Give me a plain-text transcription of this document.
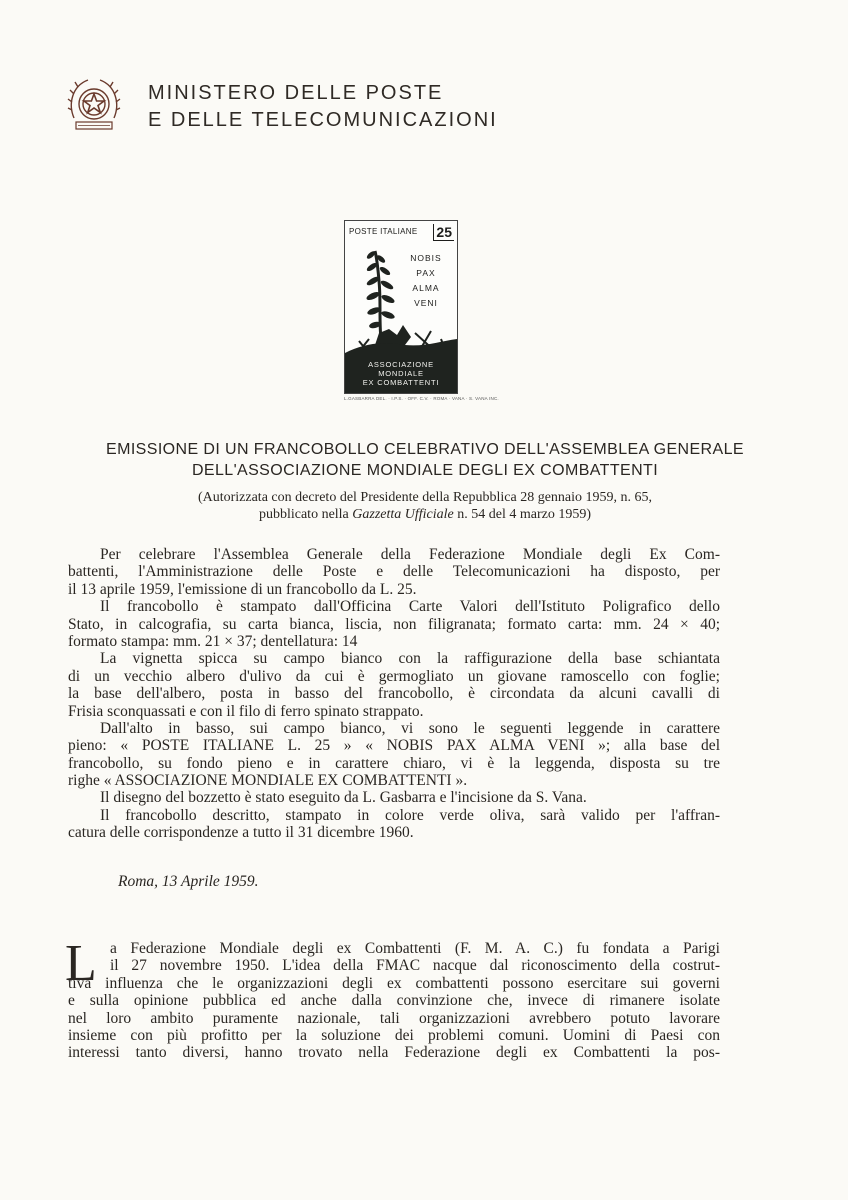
MINISTERO DELLE POSTE
E DELLE TELECOMUNICAZIONI
POSTE ITALIANE 25
NOBIS
PAX
ALMA
VENI
ASSOCIAZIONE
MONDIALE
EX COMBATTENTI
L.GASBARRA DEL. · I.P.S. · OFF. C.V. · ROMA · VANA · S. VANA INC.
EMISSIONE DI UN FRANCOBOLLO CELEBRATIVO DELL'ASSEMBLEA GENERALE
DELL'ASSOCIAZIONE MONDIALE DEGLI EX COMBATTENTI
(Autorizzata con decreto del Presidente della Repubblica 28 gennaio 1959, n. 65,
pubblicato nella Gazzetta Ufficiale n. 54 del 4 marzo 1959)
Per celebrare l'Assemblea Generale della Federazione Mondiale degli Ex Com-
battenti, l'Amministrazione delle Poste e delle Telecomunicazioni ha disposto, per
il 13 aprile 1959, l'emissione di un francobollo da L. 25.
Il francobollo è stampato dall'Officina Carte Valori dell'Istituto Poligrafico dello
Stato, in calcografia, su carta bianca, liscia, non filigranata; formato carta: mm. 24 × 40;
formato stampa: mm. 21 × 37; dentellatura: 14
La vignetta spicca su campo bianco con la raffigurazione della base schiantata
di un vecchio albero d'ulivo da cui è germogliato un giovane ramoscello con foglie;
la base dell'albero, posta in basso del francobollo, è circondata da alcuni cavalli di
Frisia sconquassati e con il filo di ferro spinato strappato.
Dall'alto in basso, sui campo bianco, vi sono le seguenti leggende in carattere
pieno: « POSTE ITALIANE L. 25 » « NOBIS PAX ALMA VENI »; alla base del
francobollo, su fondo pieno e in carattere chiaro, vi è la leggenda, disposta su tre
righe « ASSOCIAZIONE MONDIALE EX COMBATTENTI ».
Il disegno del bozzetto è stato eseguito da L. Gasbarra e l'incisione da S. Vana.
Il francobollo descritto, stampato in colore verde oliva, sarà valido per l'affran-
catura delle corrispondenze a tutto il 31 dicembre 1960.
Roma, 13 Aprile 1959.
L a Federazione Mondiale degli ex Combattenti (F. M. A. C.) fu fondata a Parigi
il 27 novembre 1950. L'idea della FMAC nacque dal riconoscimento della costrut-
tiva influenza che le organizzazioni degli ex combattenti possono esercitare sui governi
e sulla opinione pubblica ed anche dalla convinzione che, invece di rimanere isolate
nel loro ambito puramente nazionale, tali organizzazioni avrebbero potuto lavorare
insieme con più profitto per la soluzione dei problemi comuni. Uomini di Paesi con
interessi tanto diversi, hanno trovato nella Federazione degli ex Combattenti la pos-
